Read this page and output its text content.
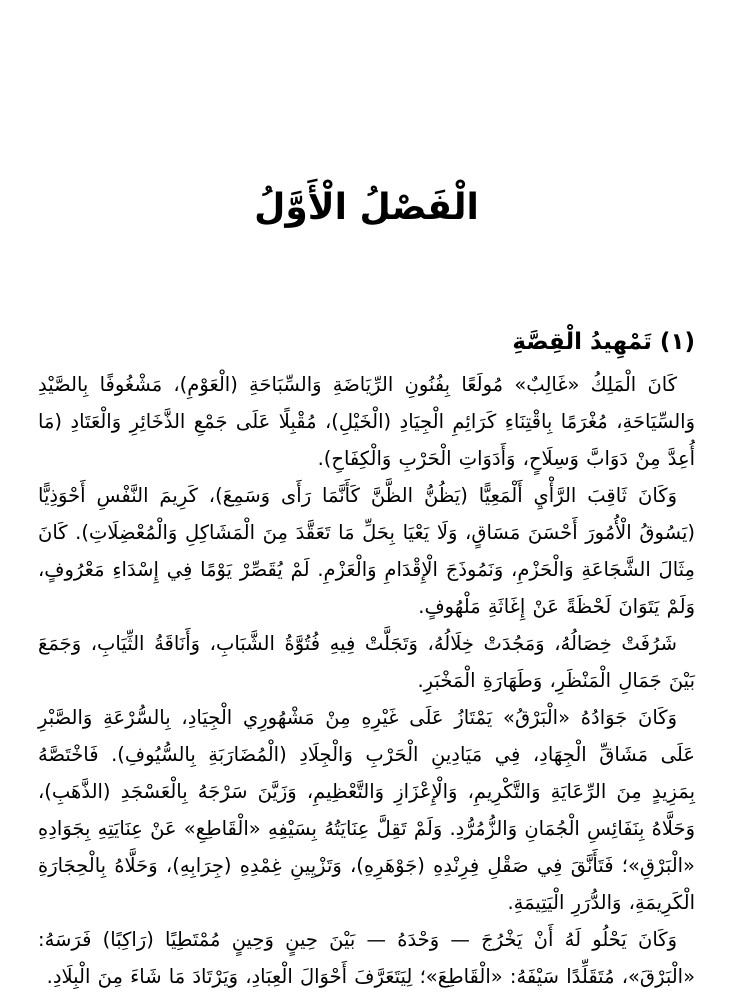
الْفَصْلُ الْأَوَّلُ
(١) تَمْهِيدُ الْقِصَّةِ

كَانَ الْمَلِكُ «غَالِبٌ» مُولَعًا بِفُنُونِ الرِّيَاضَةِ وَالسِّبَاحَةِ (الْعَوْمِ)، مَشْغُوفًا بِالصَّيْدِ وَالسِّيَاحَةِ، مُغْرَمًا بِاقْتِنَاءِ كَرَائِمِ الْجِيَادِ (الْخَيْلِ)، مُقْبِلًا عَلَى جَمْعِ الذَّخَائِرِ وَالْعَتَادِ (مَا أُعِدَّ مِنْ دَوَابَّ وَسِلَاحٍ، وَأَدَوَاتِ الْحَرْبِ وَالْكِفَاحِ).

وَكَانَ ثَاقِبَ الرَّأْيِ أَلْمَعِيًّا (يَظُنُّ الظَّنَّ كَأَنَّمَا رَأَى وَسَمِعَ)، كَرِيمَ النَّفْسِ أَحْوَذِيًّا (يَسُوقُ الْأُمُورَ أَحْسَنَ مَسَاقٍ، وَلَا يَعْيَا بِحَلِّ مَا تَعَقَّدَ مِنَ الْمَشَاكِلِ وَالْمُعْضِلَاتِ). كَانَ مِثَالَ الشَّجَاعَةِ وَالْحَزْمِ، وَنَمُوذَجَ الْإِقْدَامِ وَالْعَزْمِ. لَمْ يُقَصِّرْ يَوْمًا فِي إِسْدَاءِ مَعْرُوفٍ، وَلَمْ يَتَوَانَ لَحْظَةً عَنْ إِغَاثَةِ مَلْهُوفٍ.

شَرُفَتْ خِصَالُهُ، وَمَجُدَتْ خِلَالُهُ، وَتَجَلَّتْ فِيهِ فُتُوَّةُ الشَّبَابِ، وَأَنَاقَةُ الثِّيَابِ، وَجَمَعَ بَيْنَ جَمَالِ الْمَنْظَرِ، وَطَهَارَةِ الْمَخْبَرِ.

وَكَانَ جَوَادُهُ «الْبَرْقُ» يَمْتَازُ عَلَى غَيْرِهِ مِنْ مَشْهُورِي الْجِيَادِ، بِالسُّرْعَةِ وَالصَّبْرِ عَلَى مَشَاقِّ الْجِهَادِ، فِي مَيَادِينِ الْحَرْبِ وَالْجِلَادِ (الْمُضَارَبَةِ بِالسُّيُوفِ). فَاخْتَصَّهُ بِمَزِيدٍ مِنَ الرِّعَايَةِ وَالتَّكْرِيمِ، وَالْإِعْزَازِ وَالتَّعْظِيمِ، وَزَيَّنَ سَرْجَهُ بِالْعَسْجَدِ (الذَّهَبِ)، وَحَلَّاهُ بِنَفَائِسِ الْجُمَانِ وَالزُّمُرُّدِ. وَلَمْ تَقِلَّ عِنَايَتُهُ بِسَيْفِهِ «الْقَاطِعِ» عَنْ عِنَايَتِهِ بِجَوَادِهِ «الْبَرْقِ»؛ فَتَأَنَّقَ فِي صَقْلِ فِرِنْدِهِ (جَوْهَرِهِ)، وَتَزْيِينِ غِمْدِهِ (جِرَابِهِ)، وَحَلَّاهُ بِالْحِجَارَةِ الْكَرِيمَةِ، وَالدُّرَرِ الْيَتِيمَةِ.

وَكَانَ يَحْلُو لَهُ أَنْ يَخْرُجَ — وَحْدَهُ — بَيْنَ حِينٍ وَحِينٍ مُمْتَطِيًا (رَاكِبًا) فَرَسَهُ: «الْبَرْقَ»، مُتَقَلِّدًا سَيْفَهُ: «الْقَاطِعَ»؛ لِيَتَعَرَّفَ أَحْوَالَ الْعِبَادِ، وَيَرْتَادَ مَا شَاءَ مِنَ الْبِلَادِ.
